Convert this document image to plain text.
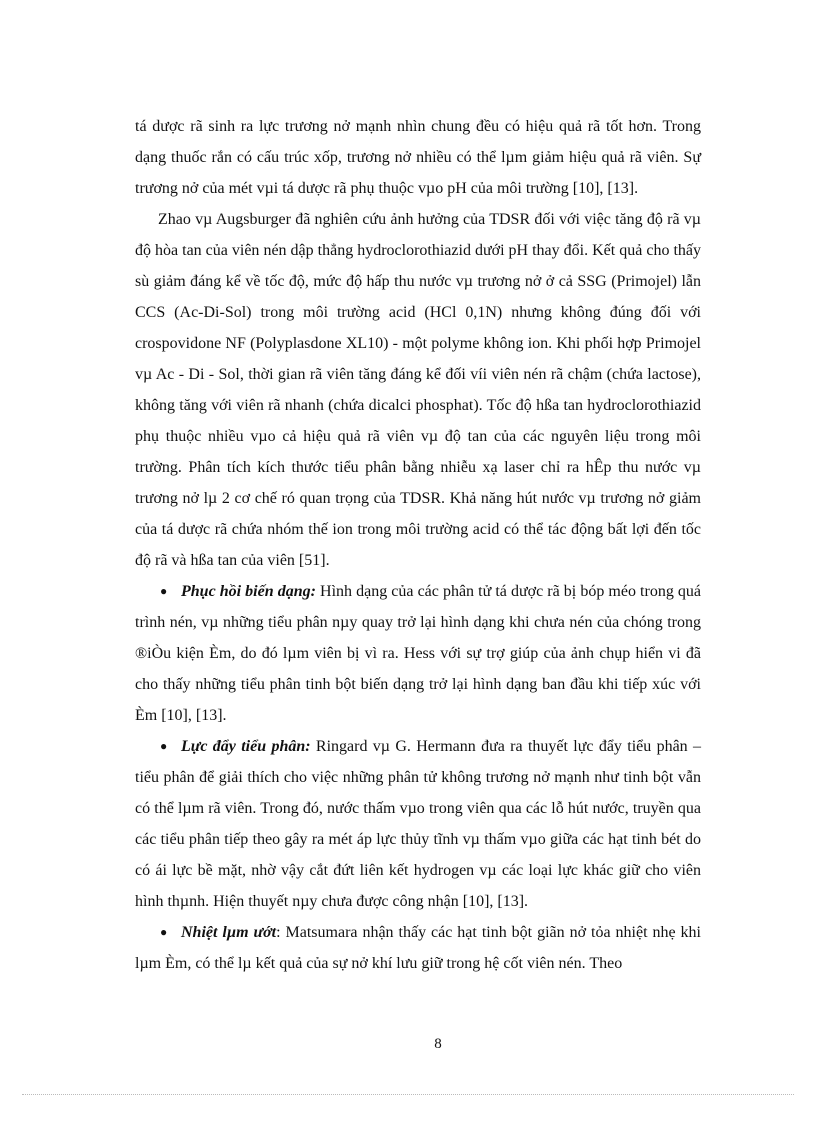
tá dược rã sinh ra lực trương nở mạnh nhìn chung đều có hiệu quả rã tốt hơn. Trong dạng thuốc rắn có cấu trúc xốp, trương nở nhiều có thể lµm giảm hiệu quả rã viên. Sự trương nở của mét vµi tá dược rã phụ thuộc vµo pH của môi trường [10], [13].

Zhao vµ Augsburger đã nghiên cứu ảnh hưởng của TDSR đối với việc tăng độ rã vµ độ hòa tan của viên nén dập thẳng hydroclorothiazid dưới pH thay đổi. Kết quả cho thấy sù giảm đáng kể về tốc độ, mức độ hấp thu nước vµ trương nở ở cả SSG (Primojel) lẫn CCS (Ac-Di-Sol) trong môi trường acid (HCl 0,1N) nhưng không đúng đối với crospovidone NF (Polyplasdone XL10) - một polyme không ion. Khi phối hợp Primojel vµ Ac - Di - Sol, thời gian rã viên tăng đáng kể đối víi viên nén rã chậm (chứa lactose), không tăng với viên rã nhanh (chứa dicalci phosphat). Tốc độ hßa tan hydroclorothiazid phụ thuộc nhiều vµo cả hiệu quả rã viên vµ độ tan của các nguyên liệu trong môi trường. Phân tích kích thước tiểu phân bằng nhiễu xạ laser chỉ ra hÊp thu nước vµ trương nở lµ 2 cơ chế ró quan trọng của TDSR. Khả năng hút nước vµ trương nở giảm của tá dược rã chứa nhóm thế ion trong môi trường acid có thể tác động bất lợi đến tốc độ rã và hßa tan của viên [51].

● Phục hồi biến dạng: Hình dạng của các phân tử tá dược rã bị bóp méo trong quá trình nén, vµ những tiểu phân nµy quay trở lại hình dạng khi chưa nén của chóng trong ®iÒu kiện Èm, do đó lµm viên bị vì ra. Hess với sự trợ giúp của ảnh chụp hiển vi đã cho thấy những tiểu phân tinh bột biến dạng trở lại hình dạng ban đầu khi tiếp xúc với Èm [10], [13].

● Lực đẩy tiểu phân: Ringard vµ G. Hermann đưa ra thuyết lực đẩy tiểu phân – tiểu phân để giải thích cho việc những phân tử không trương nở mạnh như tinh bột vẫn có thể lµm rã viên. Trong đó, nước thấm vµo trong viên qua các lỗ hút nước, truyền qua các tiểu phân tiếp theo gây ra mét áp lực thủy tĩnh vµ thấm vµo giữa các hạt tinh bét do có ái lực bề mặt, nhờ vậy cắt đứt liên kết hydrogen vµ các loại lực khác giữ cho viên hình thµnh. Hiện thuyết nµy chưa được công nhận [10], [13].

● Nhiệt lµm ướt: Matsumara nhận thấy các hạt tinh bột giãn nở tỏa nhiệt nhẹ khi lµm Èm, có thể lµ kết quả của sự nở khí lưu giữ trong hệ cốt viên nén. Theo

8
